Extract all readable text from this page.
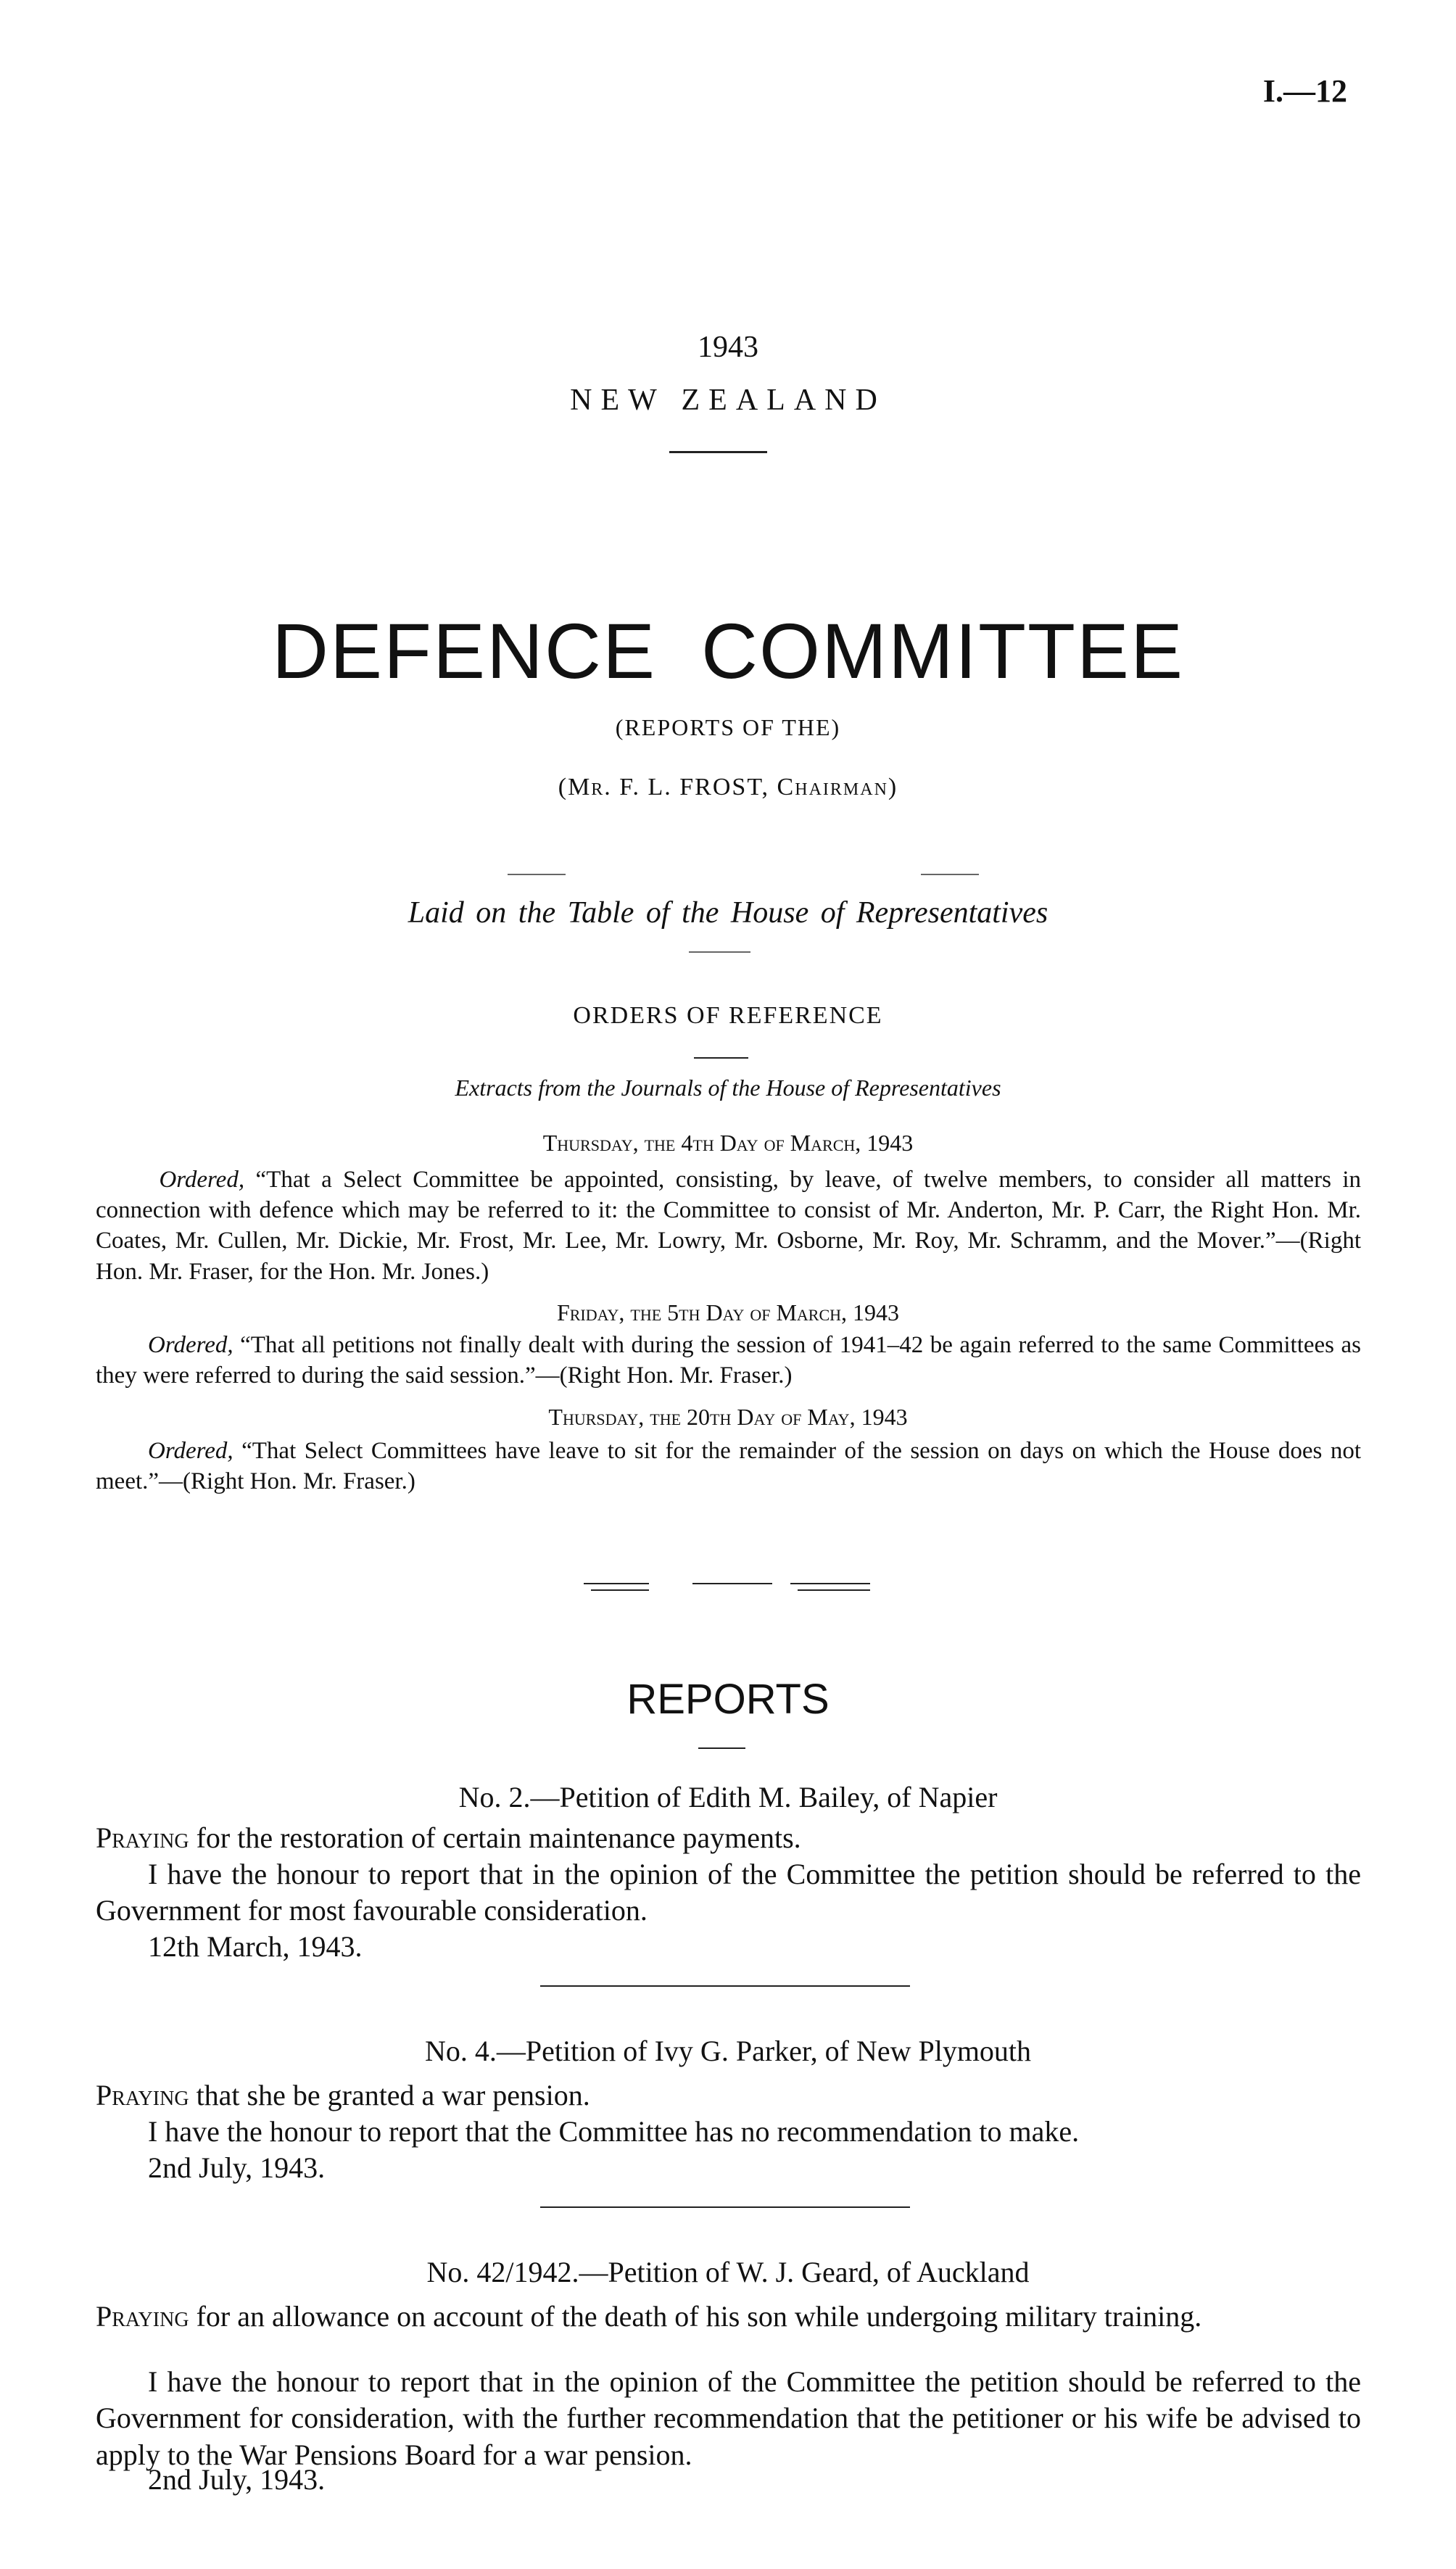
I.—12
1943
NEW ZEALAND
DEFENCE COMMITTEE
(REPORTS OF THE)
(Mr. F. L. FROST, Chairman)
Laid on the Table of the House of Representatives
ORDERS OF REFERENCE
Extracts from the Journals of the House of Representatives
Thursday, the 4th Day of March, 1943
Ordered, “That a Select Committee be appointed, consisting, by leave, of twelve members, to consider all matters in connection with defence which may be referred to it: the Committee to consist of Mr. Anderton, Mr. P. Carr, the Right Hon. Mr. Coates, Mr. Cullen, Mr. Dickie, Mr. Frost, Mr. Lee, Mr. Lowry, Mr. Osborne, Mr. Roy, Mr. Schramm, and the Mover.”—(Right Hon. Mr. Fraser, for the Hon. Mr. Jones.)
Friday, the 5th Day of March, 1943
Ordered, “That all petitions not finally dealt with during the session of 1941–42 be again referred to the same Committees as they were referred to during the said session.”—(Right Hon. Mr. Fraser.)
Thursday, the 20th Day of May, 1943
Ordered, “That Select Committees have leave to sit for the remainder of the session on days on which the House does not meet.”—(Right Hon. Mr. Fraser.)
REPORTS
No. 2.—Petition of Edith M. Bailey, of Napier
Praying for the restoration of certain maintenance payments.
I have the honour to report that in the opinion of the Committee the petition should be referred to the Government for most favourable consideration.
12th March, 1943.
No. 4.—Petition of Ivy G. Parker, of New Plymouth
Praying that she be granted a war pension.
I have the honour to report that the Committee has no recommendation to make.
2nd July, 1943.
No. 42/1942.—Petition of W. J. Geard, of Auckland
Praying for an allowance on account of the death of his son while undergoing military training.
I have the honour to report that in the opinion of the Committee the petition should be referred to the Government for consideration, with the further recommendation that the petitioner or his wife be advised to apply to the War Pensions Board for a war pension.
2nd July, 1943.
